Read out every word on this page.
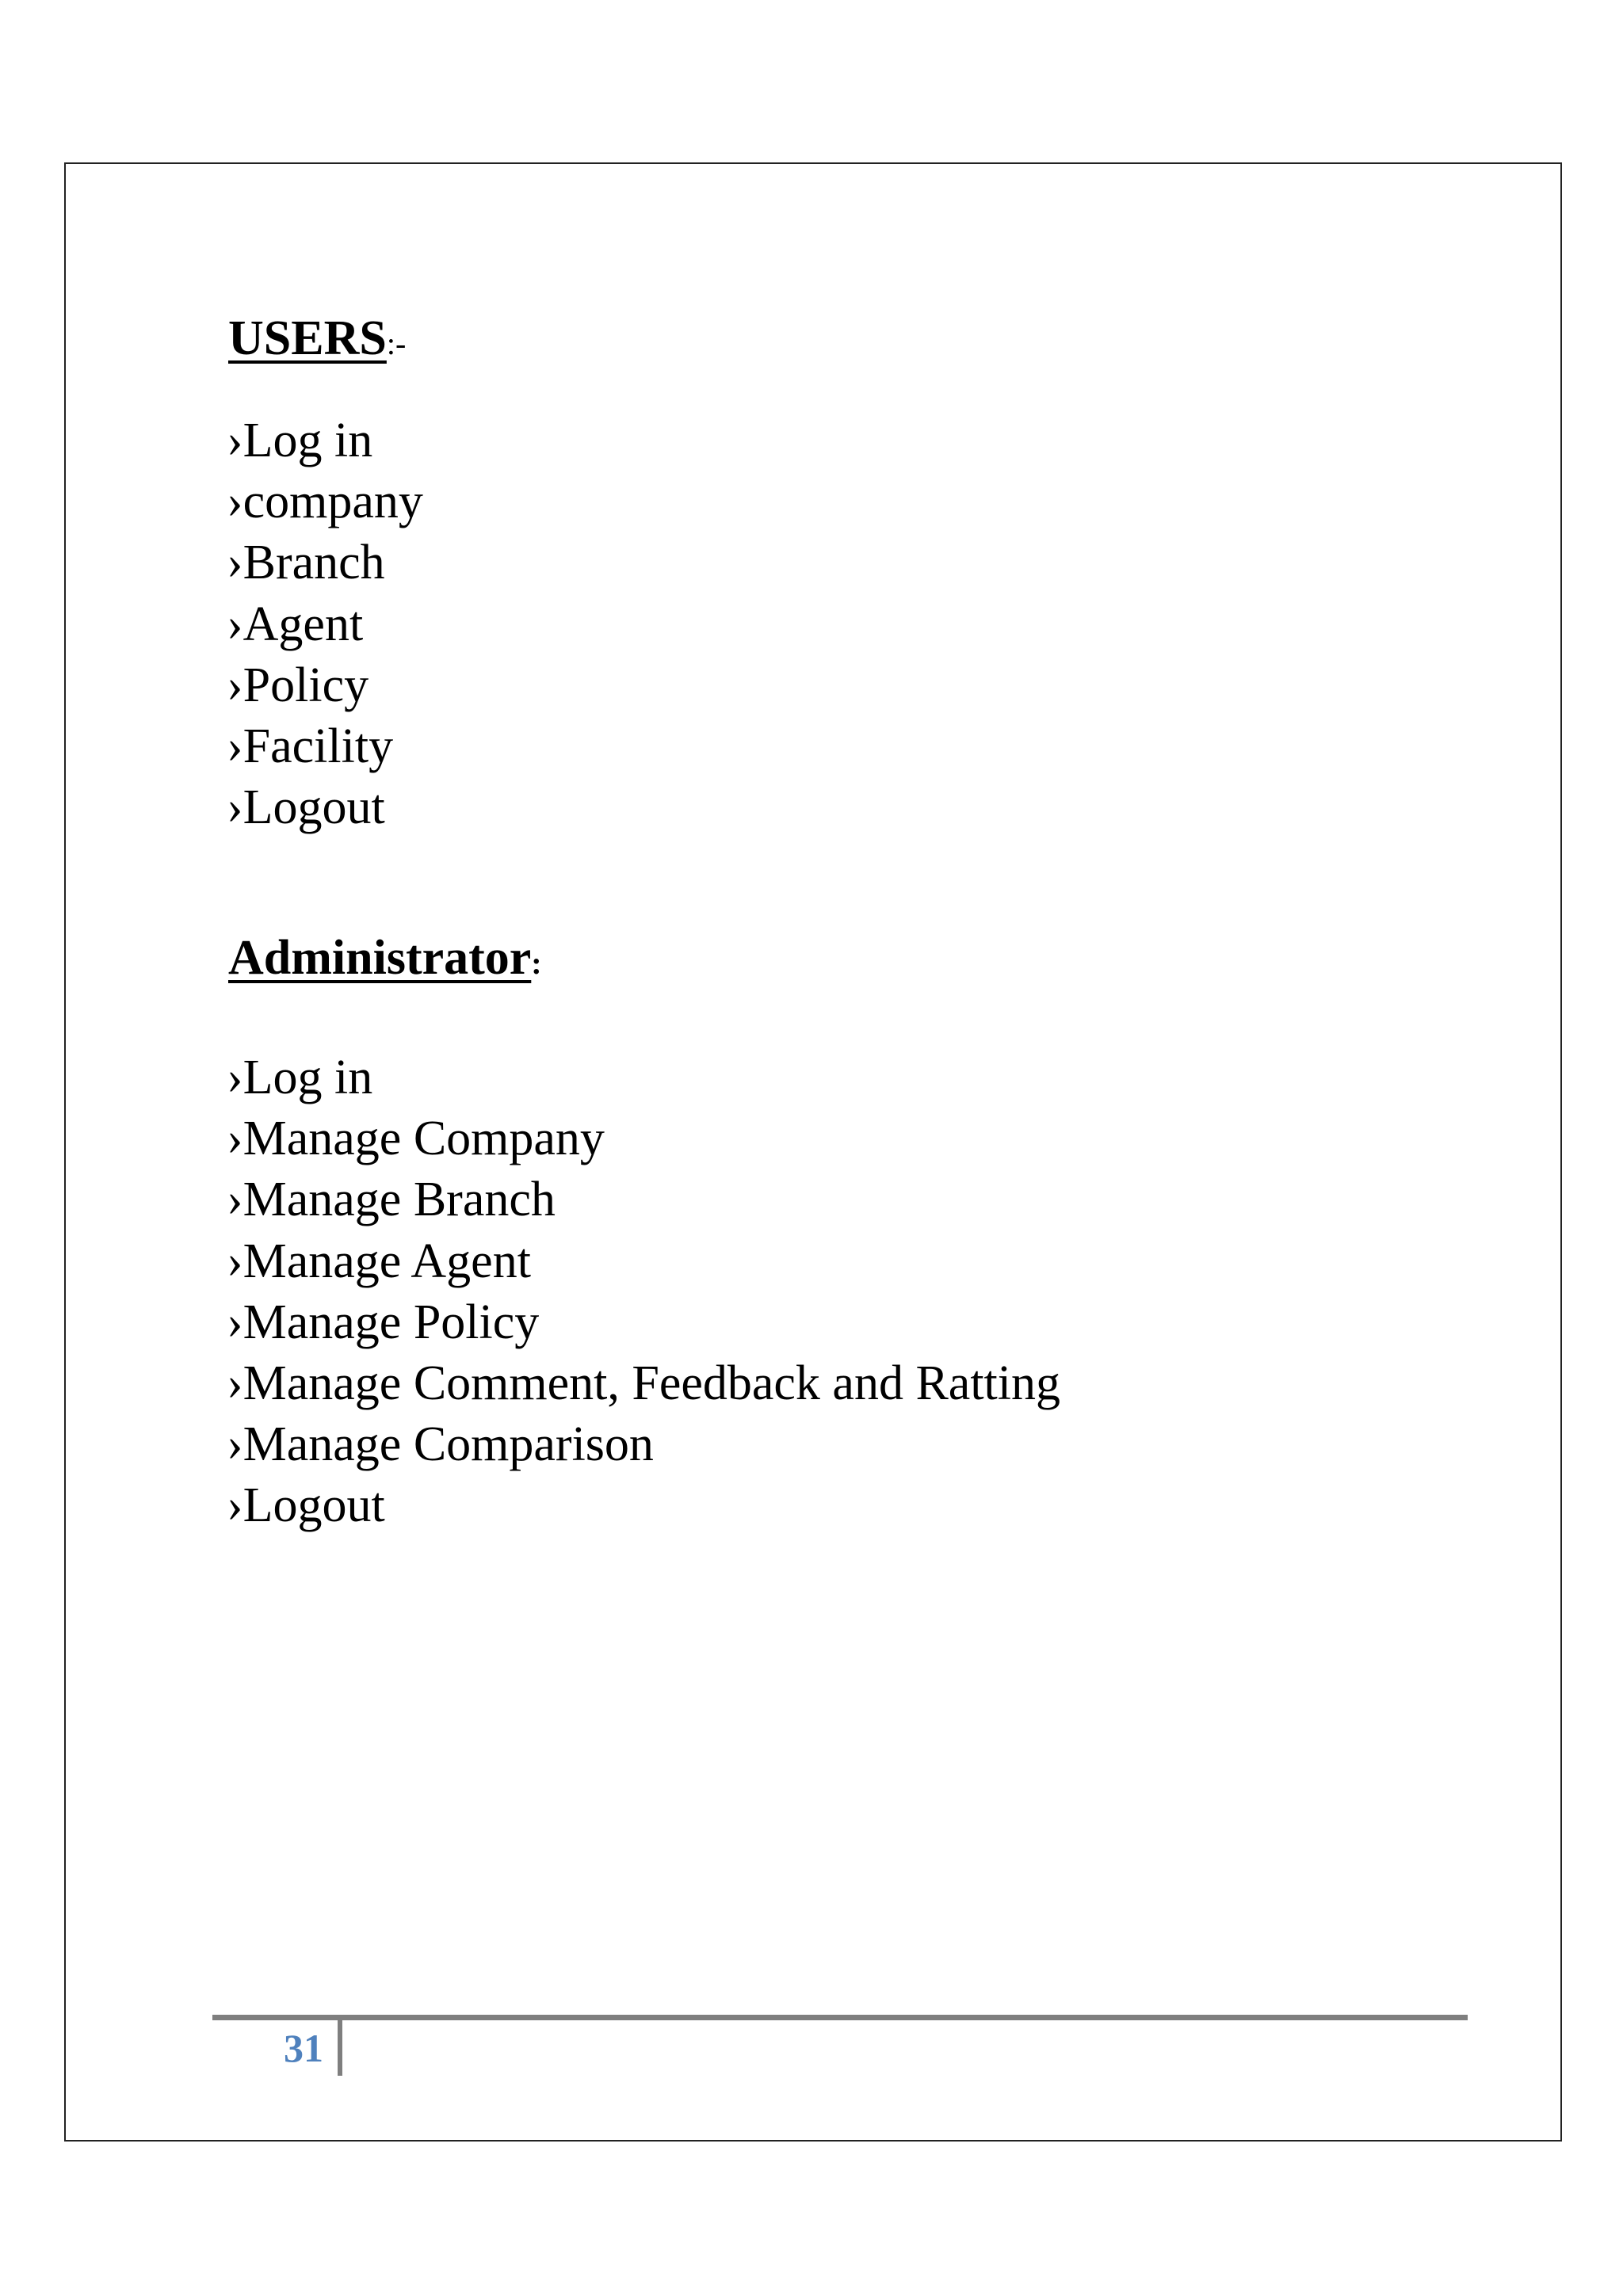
USERS:-
›Log in
›company
›Branch
›Agent
›Policy
›Facility
›Logout
Administrator:
›Log in
›Manage Company
›Manage Branch
›Manage Agent
›Manage Policy
›Manage Comment, Feedback and Ratting
›Manage Comparison
›Logout
31
